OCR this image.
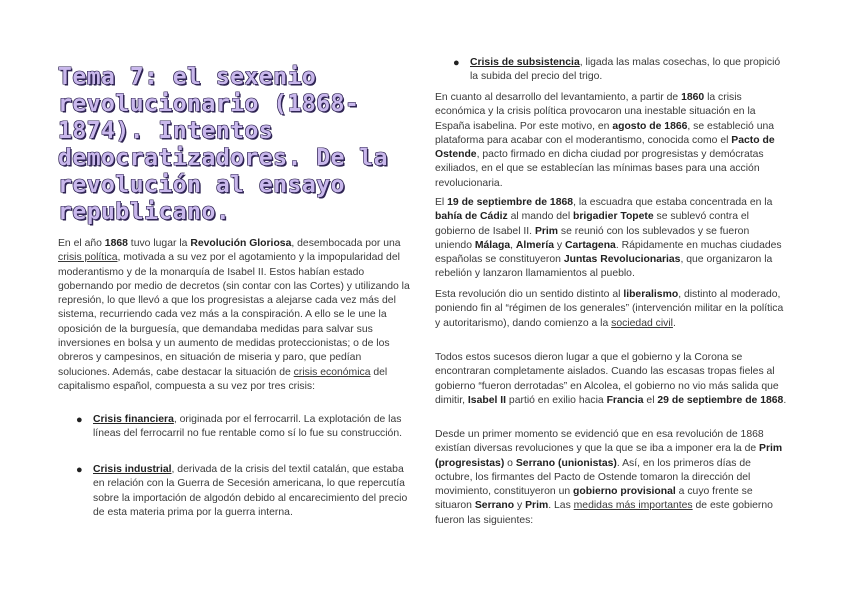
Tema 7: el sexenio revolucionario (1868-1874). Intentos democratizadores. De la revolución al ensayo republicano.

En el año 1868 tuvo lugar la Revolución Gloriosa, desembocada por una crisis política, motivada a su vez por el agotamiento y la impopularidad del moderantismo y de la monarquía de Isabel II. Estos habían estado gobernando por medio de decretos (sin contar con las Cortes) y utilizando la represión, lo que llevó a que los progresistas a alejarse cada vez más del sistema, recurriendo cada vez más a la conspiración. A ello se le une la oposición de la burguesía, que demandaba medidas para salvar sus inversiones en bolsa y un aumento de medidas proteccionistas; o de los obreros y campesinos, en situación de miseria y paro, que pedían soluciones. Además, cabe destacar la situación de crisis económica del capitalismo español, compuesta a su vez por tres crisis:

● Crisis financiera, originada por el ferrocarril. La explotación de las líneas del ferrocarril no fue rentable como sí lo fue su construcción.
● Crisis industrial, derivada de la crisis del textil catalán, que estaba en relación con la Guerra de Secesión americana, lo que repercutía sobre la importación de algodón debido al encarecimiento del precio de esta materia prima por la guerra interna.
● Crisis de subsistencia, ligada las malas cosechas, lo que propició la subida del precio del trigo.

En cuanto al desarrollo del levantamiento, a partir de 1860 la crisis económica y la crisis política provocaron una inestable situación en la España isabelina. Por este motivo, en agosto de 1866, se estableció una plataforma para acabar con el moderantismo, conocida como el Pacto de Ostende, pacto firmado en dicha ciudad por progresistas y demócratas exiliados, en el que se establecían las mínimas bases para una acción revolucionaria.

El 19 de septiembre de 1868, la escuadra que estaba concentrada en la bahía de Cádiz al mando del brigadier Topete se sublevó contra el gobierno de Isabel II. Prim se reunió con los sublevados y se fueron uniendo Málaga, Almería y Cartagena. Rápidamente en muchas ciudades españolas se constituyeron Juntas Revolucionarias, que organizaron la rebelión y lanzaron llamamientos al pueblo.

Esta revolución dio un sentido distinto al liberalismo, distinto al moderado, poniendo fin al “régimen de los generales” (intervención militar en la política y autoritarismo), dando comienzo a la sociedad civil.

Todos estos sucesos dieron lugar a que el gobierno y la Corona se encontraran completamente aislados. Cuando las escasas tropas fieles al gobierno “fueron derrotadas” en Alcolea, el gobierno no vio más salida que dimitir, Isabel II partió en exilio hacia Francia el 29 de septiembre de 1868.

Desde un primer momento se evidenció que en esa revolución de 1868 existían diversas revoluciones y que la que se iba a imponer era la de Prim (progresistas) o Serrano (unionistas). Así, en los primeros días de octubre, los firmantes del Pacto de Ostende tomaron la dirección del movimiento, constituyeron un gobierno provisional a cuyo frente se situaron Serrano y Prim. Las medidas más importantes de este gobierno fueron las siguientes:
